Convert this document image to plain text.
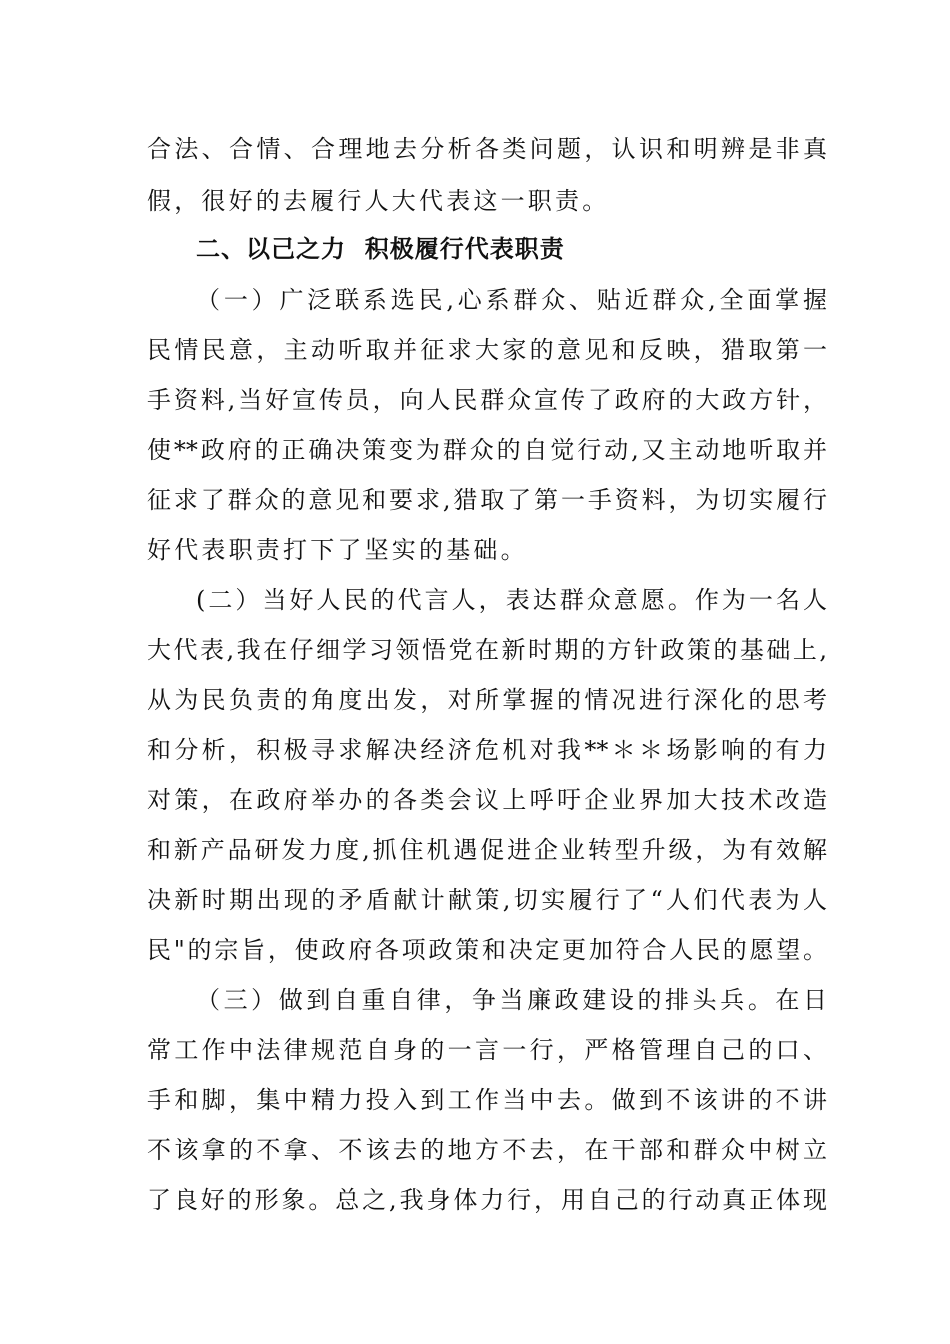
合法、合情、合理地去分析各类问题，认识和明辨是非真
假，很好的去履行人大代表这一职责。
二、以己之力  积极履行代表职责
（一）广泛联系选民,心系群众、贴近群众,全面掌握
民情民意，主动听取并征求大家的意见和反映，猎取第一
手资料,当好宣传员，向人民群众宣传了政府的大政方针，
使**政府的正确决策变为群众的自觉行动,又主动地听取并
征求了群众的意见和要求,猎取了第一手资料，为切实履行
好代表职责打下了坚实的基础。
(二）当好人民的代言人，表达群众意愿。作为一名人
大代表,我在仔细学习领悟党在新时期的方针政策的基础上,
从为民负责的角度出发，对所掌握的情况进行深化的思考
和分析，积极寻求解决经济危机对我**＊＊场影响的有力
对策，在政府举办的各类会议上呼吁企业界加大技术改造
和新产品研发力度,抓住机遇促进企业转型升级，为有效解
决新时期出现的矛盾献计献策,切实履行了“人们代表为人
民"的宗旨，使政府各项政策和决定更加符合人民的愿望。
（三）做到自重自律，争当廉政建设的排头兵。在日
常工作中法律规范自身的一言一行，严格管理自己的口、
手和脚，集中精力投入到工作当中去。做到不该讲的不讲
不该拿的不拿、不该去的地方不去，在干部和群众中树立
了良好的形象。总之,我身体力行，用自己的行动真正体现
